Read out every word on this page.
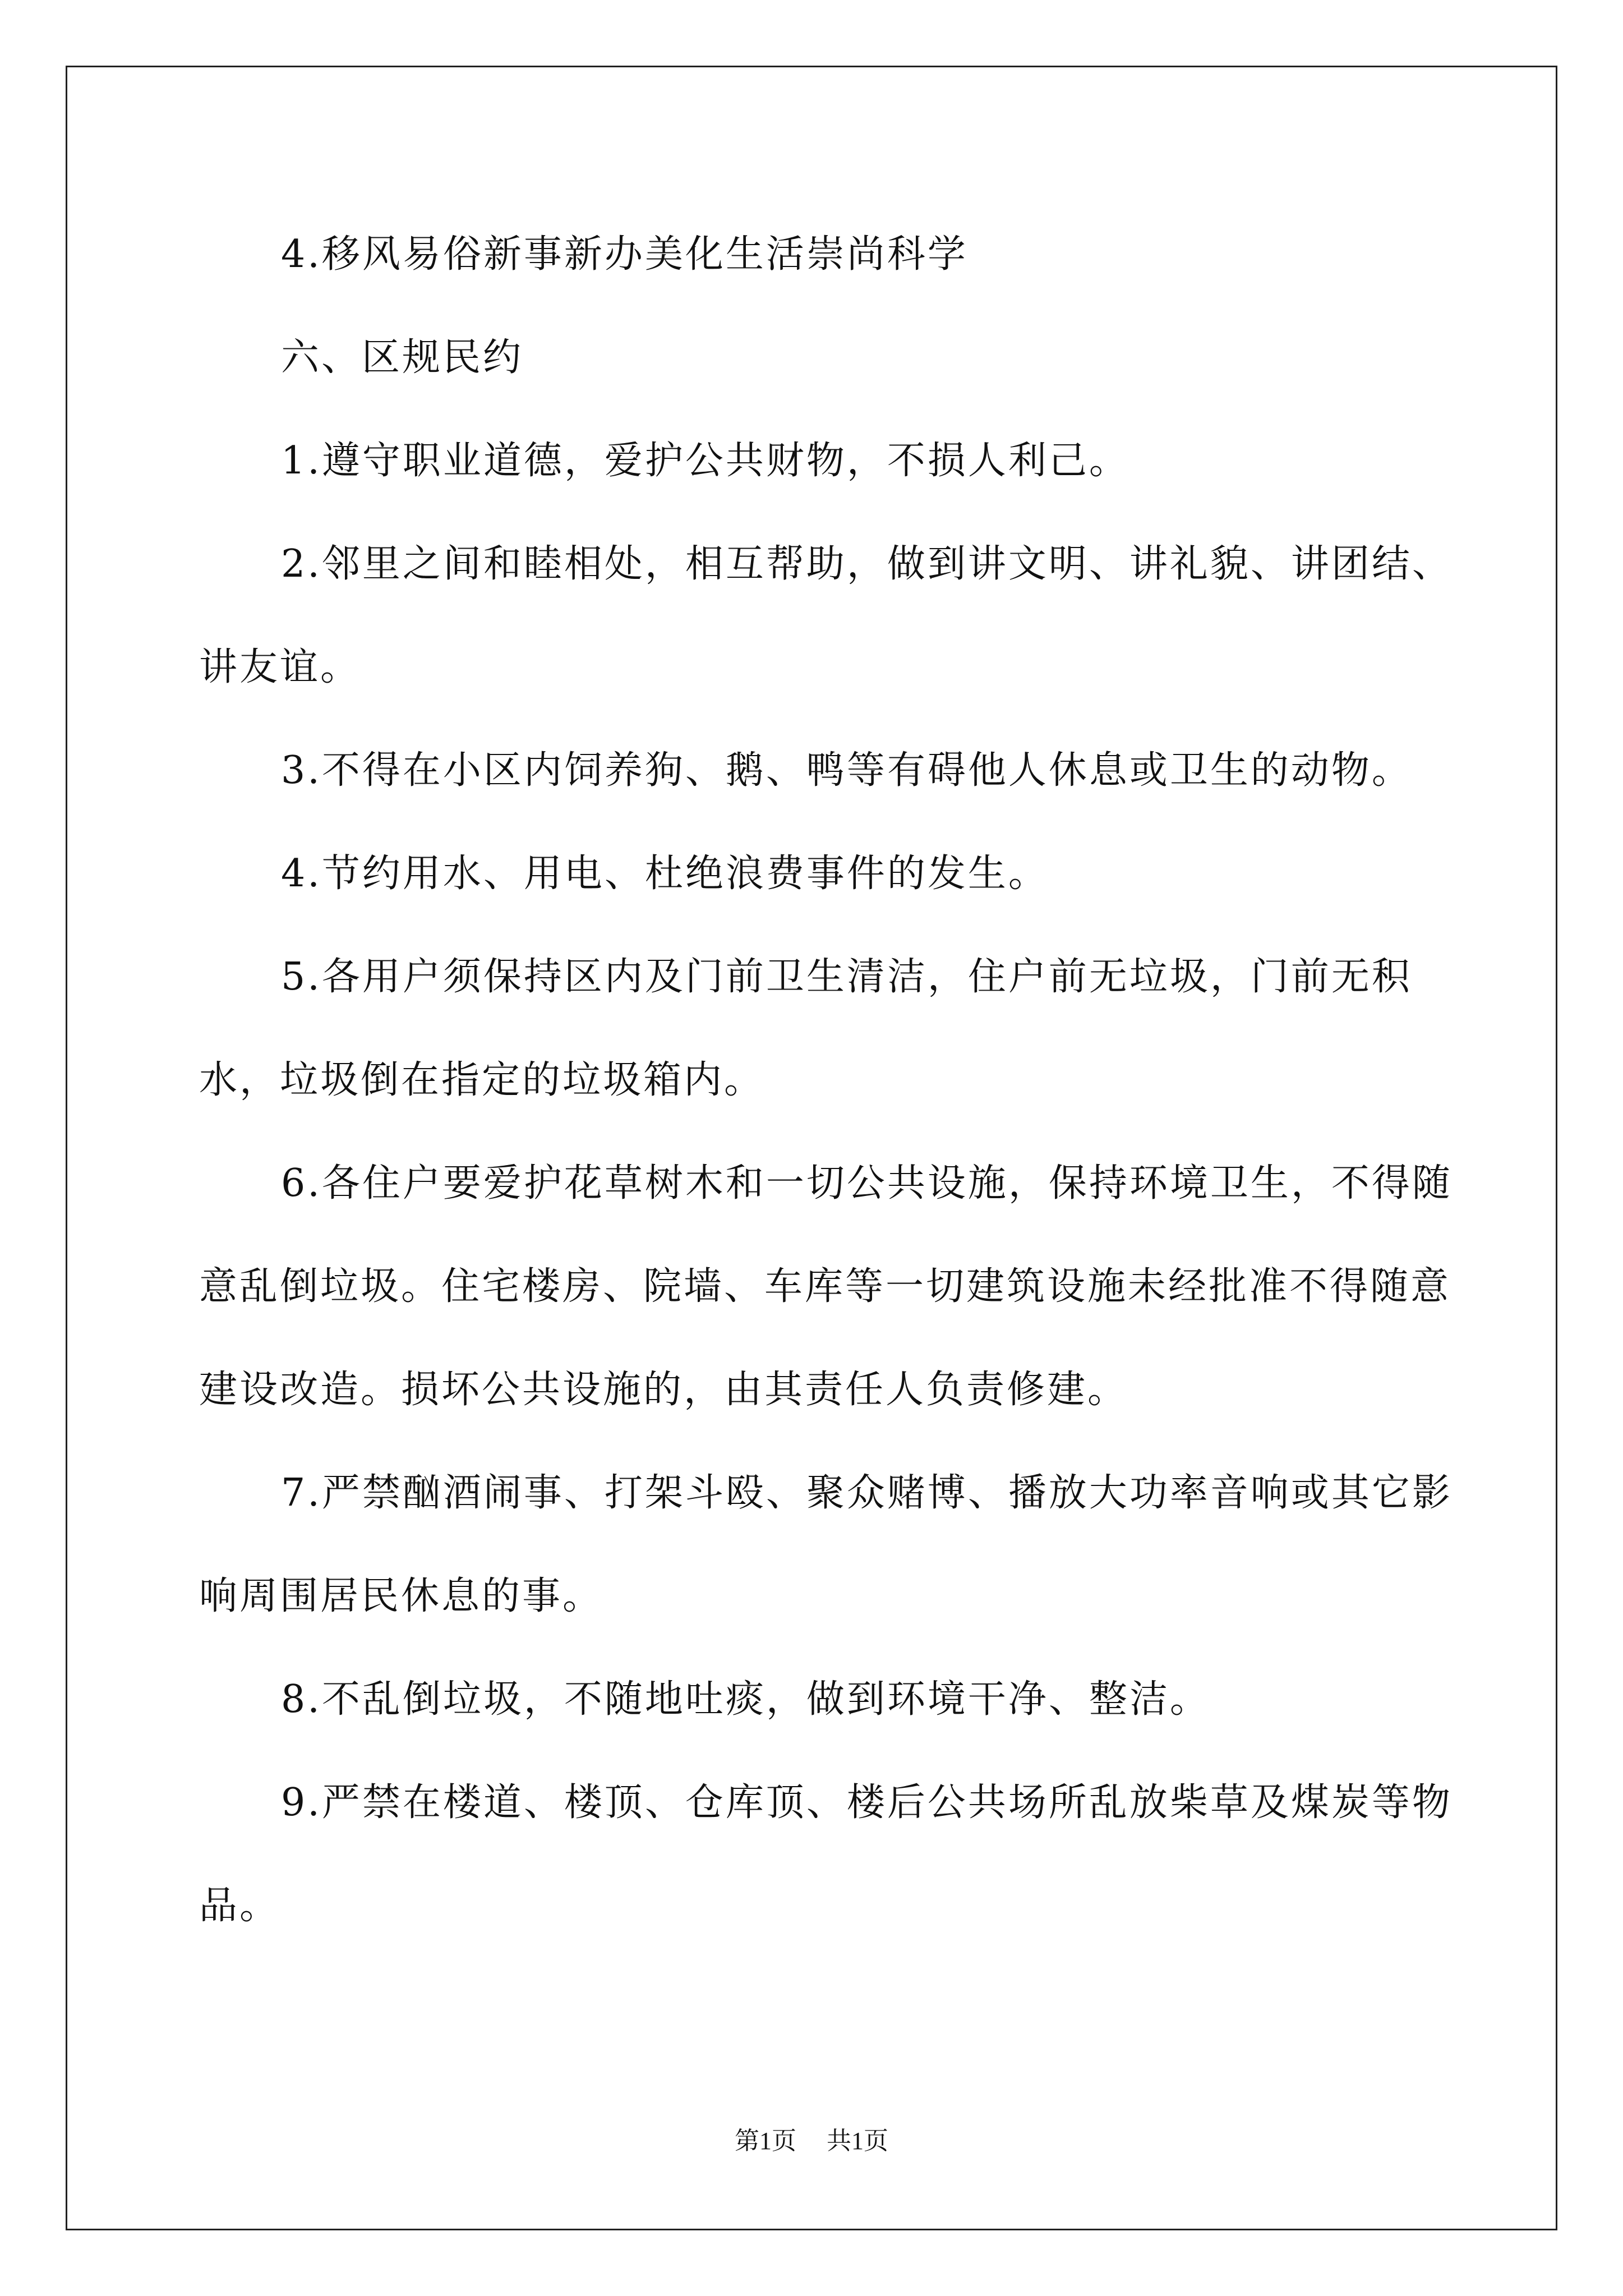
4.移风易俗新事新办美化生活崇尚科学
六、区规民约
1.遵守职业道德，爱护公共财物，不损人利己。
2.邻里之间和睦相处，相互帮助，做到讲文明、讲礼貌、讲团结、讲友谊。
3.不得在小区内饲养狗、鹅、鸭等有碍他人休息或卫生的动物。
4.节约用水、用电、杜绝浪费事件的发生。
5.各用户须保持区内及门前卫生清洁，住户前无垃圾，门前无积水，垃圾倒在指定的垃圾箱内。
6.各住户要爱护花草树木和一切公共设施，保持环境卫生，不得随意乱倒垃圾。住宅楼房、院墙、车库等一切建筑设施未经批准不得随意建设改造。损坏公共设施的，由其责任人负责修建。
7.严禁酗酒闹事、打架斗殴、聚众赌博、播放大功率音响或其它影响周围居民休息的事。
8.不乱倒垃圾，不随地吐痰，做到环境干净、整洁。
9.严禁在楼道、楼顶、仓库顶、楼后公共场所乱放柴草及煤炭等物品。
第1页 共1页
